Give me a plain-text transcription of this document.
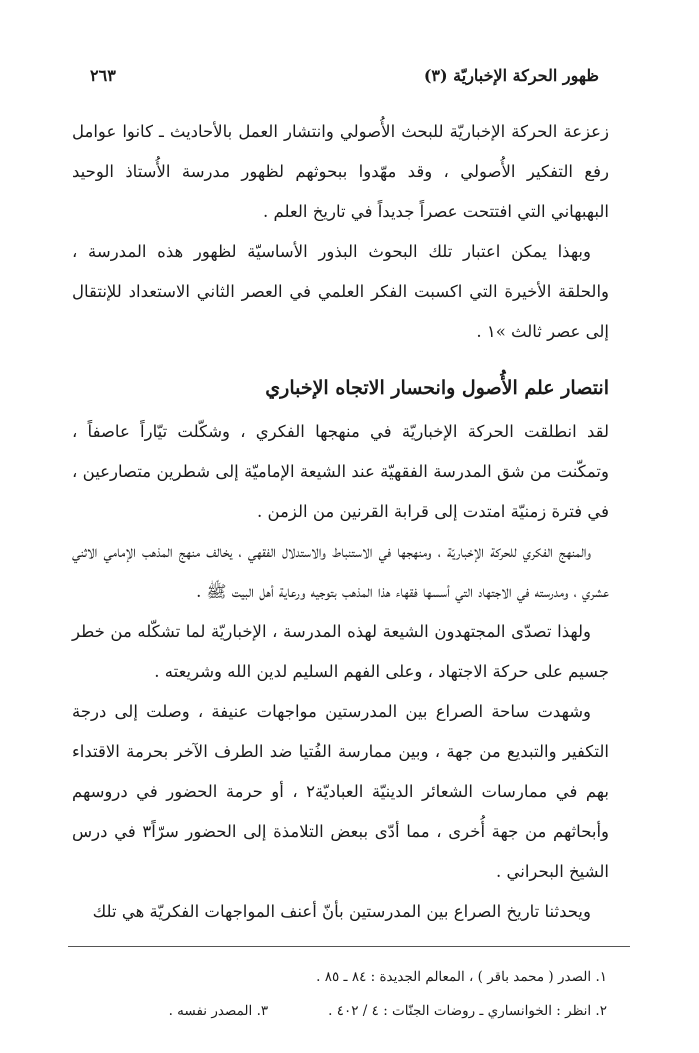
ظهور الحركة الإخباريّة (٣)
٢٦٣

زعزعة الحركة الإخباريّة للبحث الأُصولي وانتشار العمل بالأحاديث ـ كانوا عوامل رفع التفكير الأُصولي ، وقد مهّدوا ببحوثهم لظهور مدرسة الأُستاذ الوحيد البهبهاني التي افتتحت عصراً جديداً في تاريخ العلم .

وبهذا يمكن اعتبار تلك البحوث البذور الأساسيّة لظهور هذه المدرسة ، والحلقة الأخيرة التي اكسبت الفكر العلمي في العصر الثاني الاستعداد للإنتقال إلى عصر ثالث »١ .

انتصار علم الأُصول وانحسار الاتجاه الإخباري

لقد انطلقت الحركة الإخباريّة في منهجها الفكري ، وشكّلت تيّاراً عاصفاً ، وتمكّنت من شق المدرسة الفقهيّة عند الشيعة الإماميّة إلى شطرين متصارعين ، في فترة زمنيّة امتدت إلى قرابة القرنين من الزمن .

والمنهج الفكري للحركة الإخباريّة ، ومنهجها في الاستنباط والاستدلال الفقهي ، يخالف منهج المذهب الإمامي الاثني عشري ، ومدرسته في الاجتهاد التي أسسها فقهاء هذا المذهب بتوجيه ورعاية أهل البيت ﷺ .

ولهذا تصدّى المجتهدون الشيعة لهذه المدرسة ، الإخباريّة لما تشكّله من خطر جسيم على حركة الاجتهاد ، وعلى الفهم السليم لدين الله وشريعته .

وشهدت ساحة الصراع بين المدرستين مواجهات عنيفة ، وصلت إلى درجة التكفير والتبديع من جهة ، وبين ممارسة الفُتيا ضد الطرف الآخر بحرمة الاقتداء بهم في ممارسات الشعائر الدينيّة العباديّة٢ ، أو حرمة الحضور في دروسهم وأبحاثهم من جهة أُخرى ، مما أدّى ببعض التلامذة إلى الحضور سرّاً٣ في درس الشيخ البحراني .

ويحدثنا تاريخ الصراع بين المدرستين بأنّ أعنف المواجهات الفكريّة هي تلك

١. الصدر ( محمد باقر ) ، المعالم الجديدة : ٨٤ ـ ٨٥ .
٢. انظر : الخوانساري ـ روضات الجنّات : ٤ / ٤٠٢ .
٣. المصدر نفسه .
